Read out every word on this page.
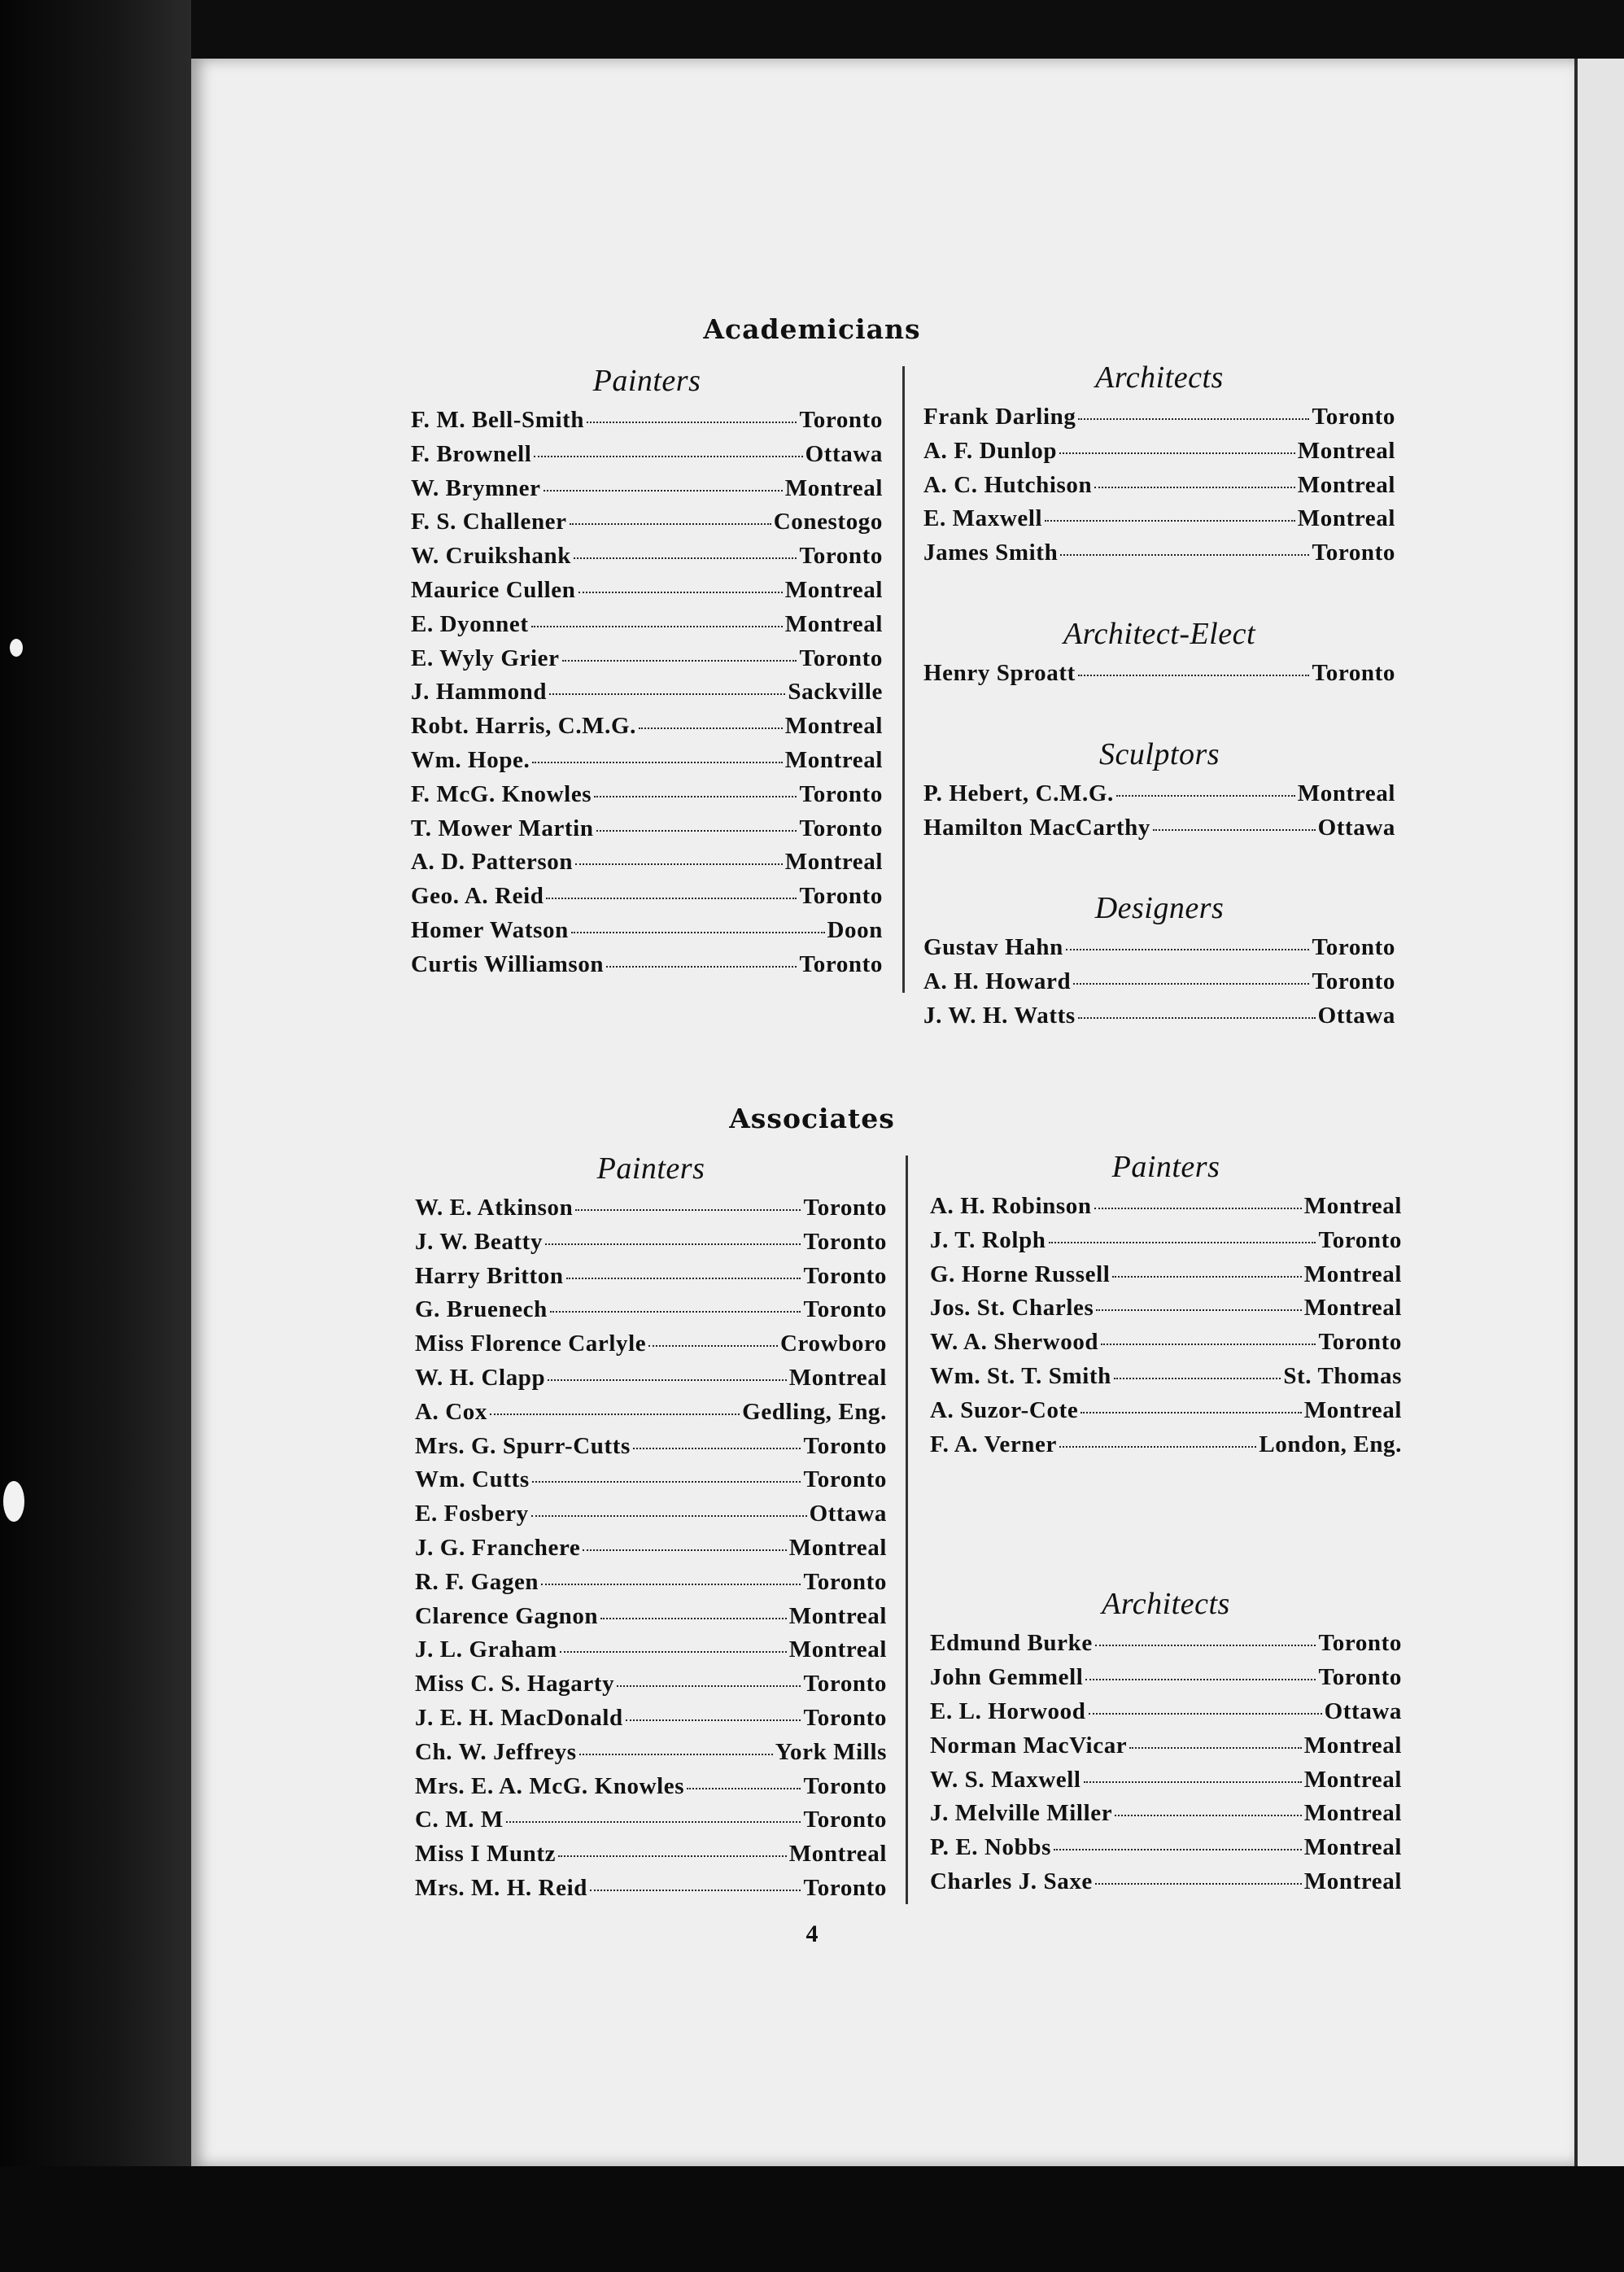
Academicians
Painters
F. M. Bell-Smith	Toronto
F. Brownell	Ottawa
W. Brymner	Montreal
F. S. Challener	Conestogo
W. Cruikshank	Toronto
Maurice Cullen	Montreal
E. Dyonnet	Montreal
E. Wyly Grier	Toronto
J. Hammond	Sackville
Robt. Harris, C.M.G.	Montreal
Wm. Hope.	Montreal
F. McG. Knowles	Toronto
T. Mower Martin	Toronto
A. D. Patterson	Montreal
Geo. A. Reid	Toronto
Homer Watson	Doon
Curtis Williamson	Toronto
Architects
Frank Darling	Toronto
A. F. Dunlop	Montreal
A. C. Hutchison	Montreal
E. Maxwell	Montreal
James Smith	Toronto
Architect-Elect
Henry Sproatt	Toronto
Sculptors
P. Hebert, C.M.G.	Montreal
Hamilton MacCarthy	Ottawa
Designers
Gustav Hahn	Toronto
A. H. Howard	Toronto
J. W. H. Watts	Ottawa
Associates
Painters
W. E. Atkinson	Toronto
J. W. Beatty	Toronto
Harry Britton	Toronto
G. Bruenech	Toronto
Miss Florence Carlyle	Crowboro
W. H. Clapp	Montreal
A. Cox	Gedling, Eng.
Mrs. G. Spurr-Cutts	Toronto
Wm. Cutts	Toronto
E. Fosbery	Ottawa
J. G. Franchere	Montreal
R. F. Gagen	Toronto
Clarence Gagnon	Montreal
J. L. Graham	Montreal
Miss C. S. Hagarty	Toronto
J. E. H. MacDonald	Toronto
Ch. W. Jeffreys	York Mills
Mrs. E. A. McG. Knowles	Toronto
C. M. M	Toronto
Miss I Muntz	Montreal
Mrs. M. H. Reid	Toronto
Painters
A. H. Robinson	Montreal
J. T. Rolph	Toronto
G. Horne Russell	Montreal
Jos. St. Charles	Montreal
W. A. Sherwood	Toronto
Wm. St. T. Smith	St. Thomas
A. Suzor-Cote	Montreal
F. A. Verner	London, Eng.
Architects
Edmund Burke	Toronto
John Gemmell	Toronto
E. L. Horwood	Ottawa
Norman MacVicar	Montreal
W. S. Maxwell	Montreal
J. Melville Miller	Montreal
P. E. Nobbs	Montreal
Charles J. Saxe	Montreal
4
